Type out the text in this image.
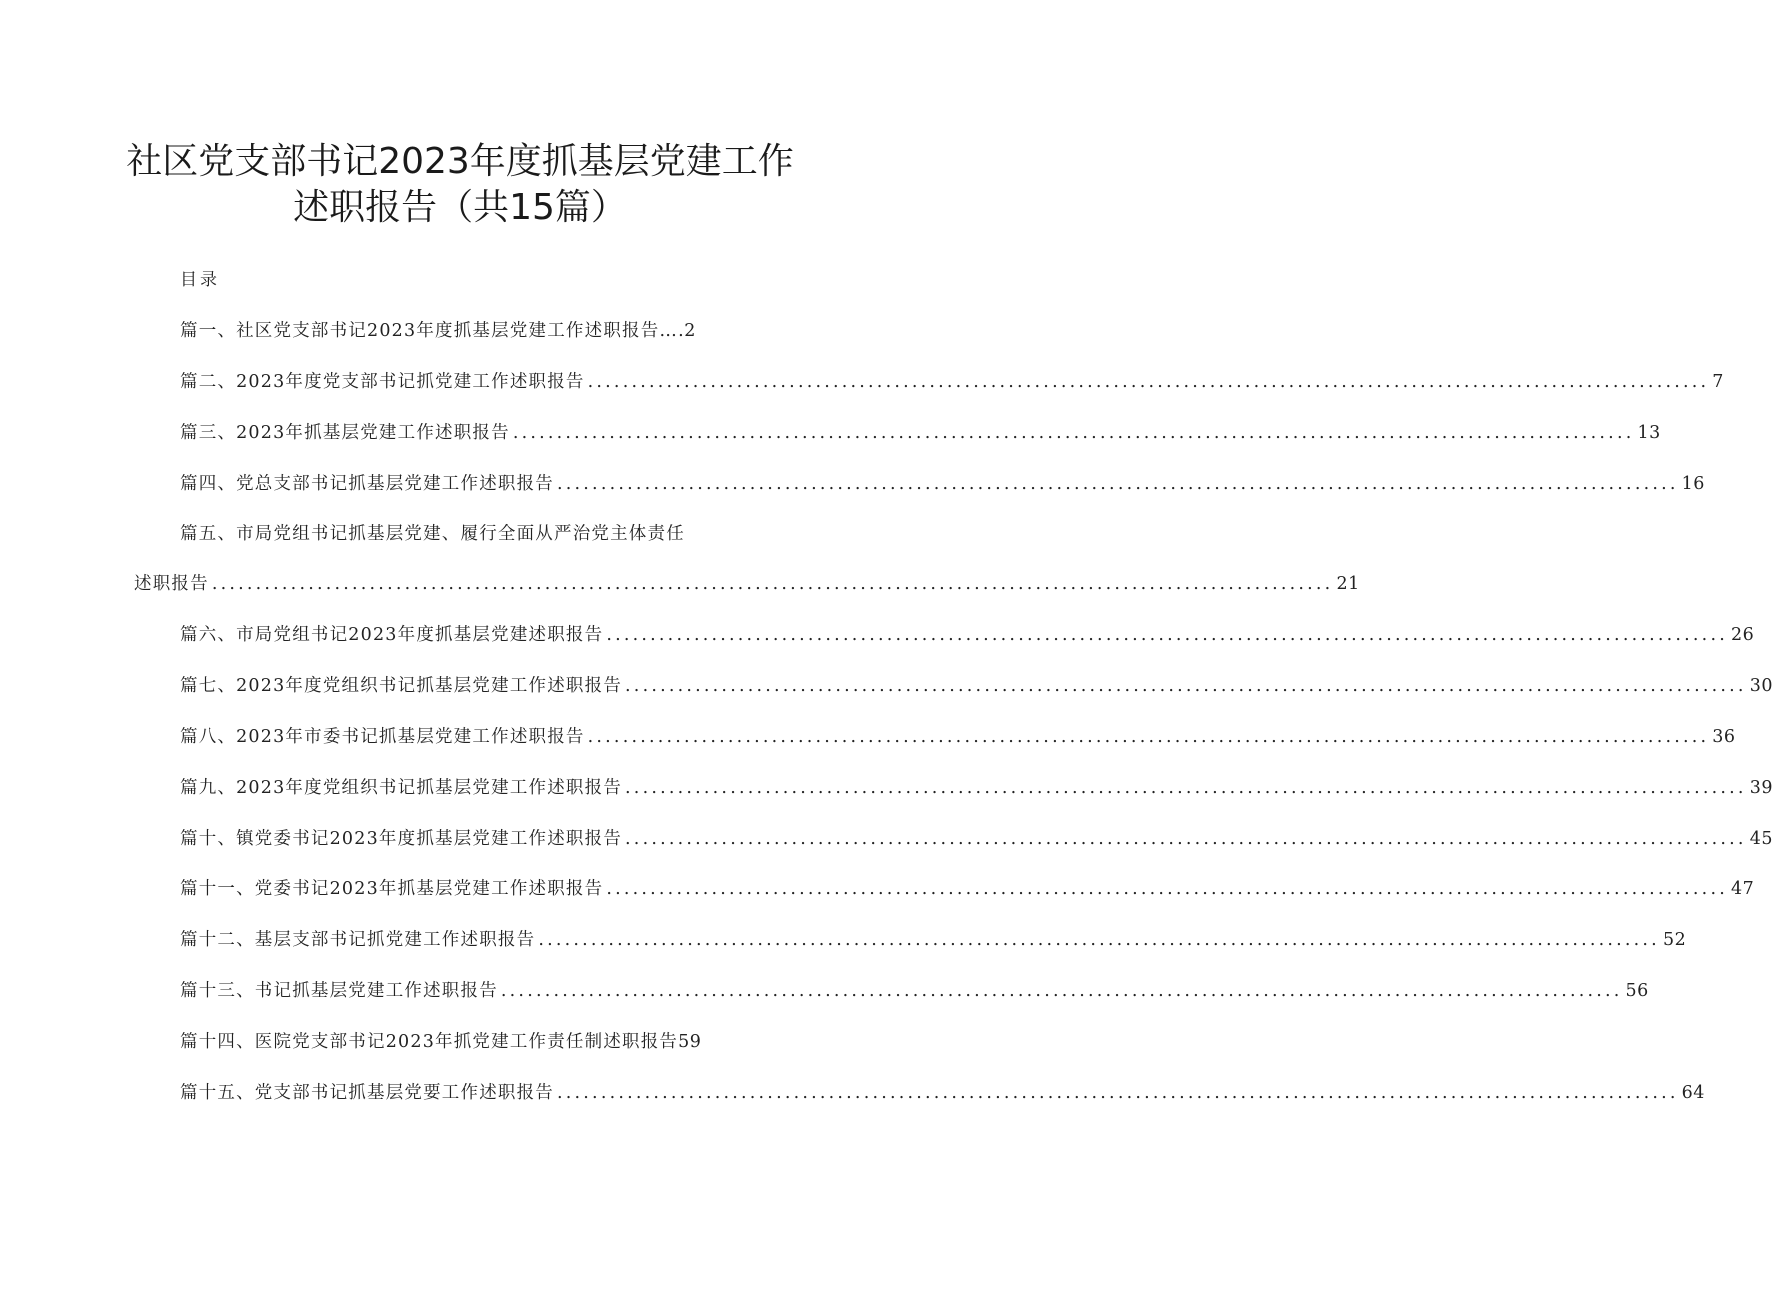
社区党支部书记2023年度抓基层党建工作
述职报告（共15篇）
目录
篇一、社区党支部书记2023年度抓基层党建工作述职报告… .2
篇二、2023年度党支部书记抓党建工作述职报告 ................................................................................................................................ 7
篇三、2023年抓基层党建工作述职报告 ................................................................................................................................ 13
篇四、党总支部书记抓基层党建工作述职报告 ................................................................................................................................ 16
篇五、市局党组书记抓基层党建、履行全面从严治党主体责任
述职报告 ................................................................................................................................ 21
篇六、市局党组书记2023年度抓基层党建述职报告 ................................................................................................................................ 26
篇七、2023年度党组织书记抓基层党建工作述职报告 ................................................................................................................................ 30
篇八、2023年市委书记抓基层党建工作述职报告 ................................................................................................................................ 36
篇九、2023年度党组织书记抓基层党建工作述职报告 ................................................................................................................................ 39
篇十、镇党委书记2023年度抓基层党建工作述职报告 ................................................................................................................................ 45
篇十一、党委书记2023年抓基层党建工作述职报告 ................................................................................................................................ 47
篇十二、基层支部书记抓党建工作述职报告 ................................................................................................................................ 52
篇十三、书记抓基层党建工作述职报告 ................................................................................................................................ 56
篇十四、医院党支部书记2023年抓党建工作责任制述职报告 59
篇十五、党支部书记抓基层党要工作述职报告 ................................................................................................................................ 64
